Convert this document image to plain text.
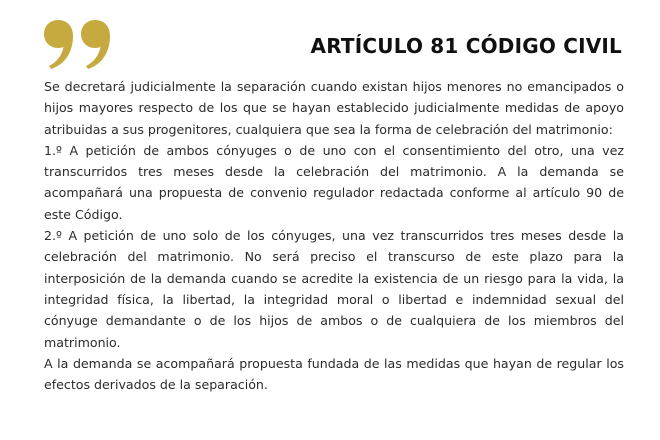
ARTÍCULO 81 CÓDIGO CIVIL

Se decretará judicialmente la separación cuando existan hijos menores no emancipados o hijos mayores respecto de los que se hayan establecido judicialmente medidas de apoyo atribuidas a sus progenitores, cualquiera que sea la forma de celebración del matrimonio:

1.º A petición de ambos cónyuges o de uno con el consentimiento del otro, una vez transcurridos tres meses desde la celebración del matrimonio. A la demanda se acompañará una propuesta de convenio regulador redactada conforme al artículo 90 de este Código.

2.º A petición de uno solo de los cónyuges, una vez transcurridos tres meses desde la celebración del matrimonio. No será preciso el transcurso de este plazo para la interposición de la demanda cuando se acredite la existencia de un riesgo para la vida, la integridad física, la libertad, la integridad moral o libertad e indemnidad sexual del cónyuge demandante o de los hijos de ambos o de cualquiera de los miembros del matrimonio.

A la demanda se acompañará propuesta fundada de las medidas que hayan de regular los efectos derivados de la separación.
